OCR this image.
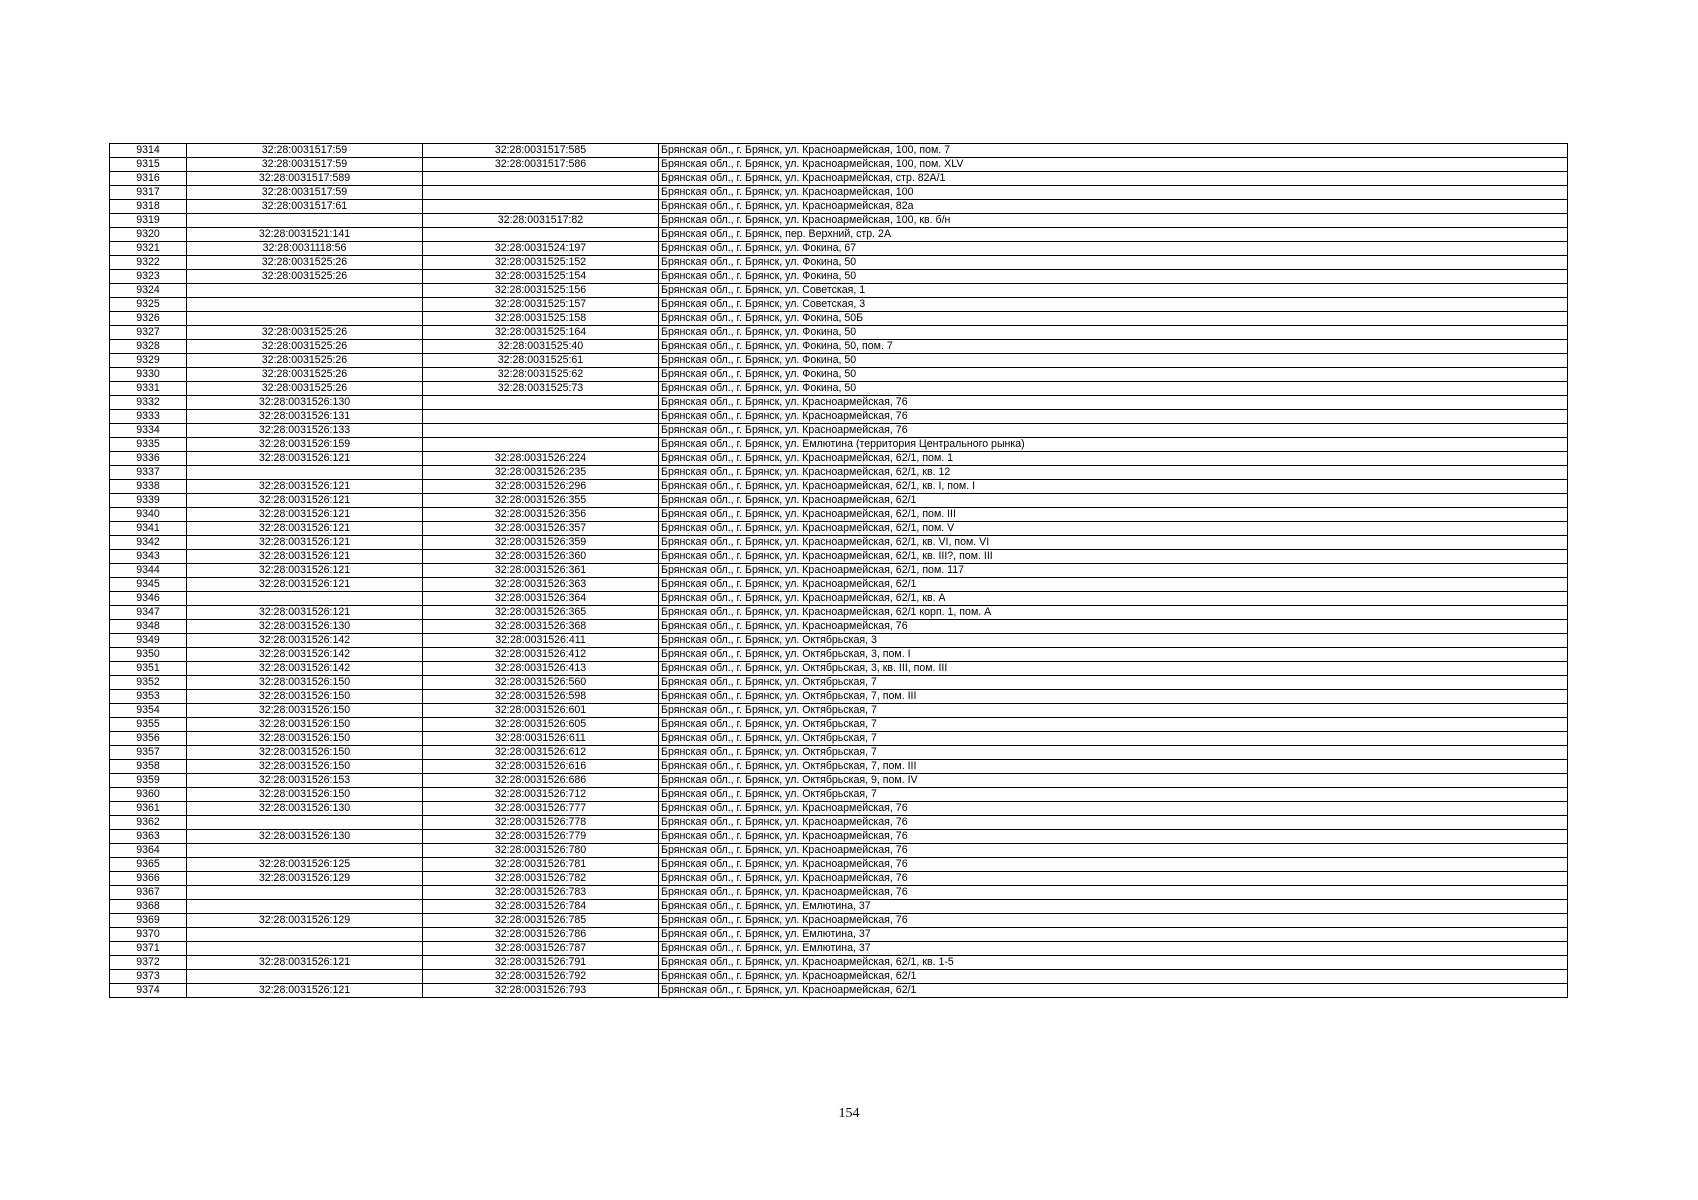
9314	32:28:0031517:59	32:28:0031517:585	Брянская обл., г. Брянск, ул. Красноармейская, 100, пом. 7
9315	32:28:0031517:59	32:28:0031517:586	Брянская обл., г. Брянск, ул. Красноармейская, 100, пом. XLV
9316	32:28:0031517:589		Брянская обл., г. Брянск, ул. Красноармейская, стр. 82А/1
9317	32:28:0031517:59		Брянская обл., г. Брянск, ул. Красноармейская, 100
9318	32:28:0031517:61		Брянская обл., г. Брянск, ул. Красноармейская, 82а
9319		32:28:0031517:82	Брянская обл., г. Брянск, ул. Красноармейская, 100, кв. б/н
9320	32:28:0031521:141		Брянская обл., г. Брянск, пер. Верхний, стр. 2А
9321	32:28:0031118:56	32:28:0031524:197	Брянская обл., г. Брянск, ул. Фокина, 67
9322	32:28:0031525:26	32:28:0031525:152	Брянская обл., г. Брянск, ул. Фокина, 50
9323	32:28:0031525:26	32:28:0031525:154	Брянская обл., г. Брянск, ул. Фокина, 50
9324		32:28:0031525:156	Брянская обл., г. Брянск, ул. Советская, 1
9325		32:28:0031525:157	Брянская обл., г. Брянск, ул. Советская, 3
9326		32:28:0031525:158	Брянская обл., г. Брянск, ул. Фокина, 50Б
9327	32:28:0031525:26	32:28:0031525:164	Брянская обл., г. Брянск, ул. Фокина, 50
9328	32:28:0031525:26	32:28:0031525:40	Брянская обл., г. Брянск, ул. Фокина, 50, пом. 7
9329	32:28:0031525:26	32:28:0031525:61	Брянская обл., г. Брянск, ул. Фокина, 50
9330	32:28:0031525:26	32:28:0031525:62	Брянская обл., г. Брянск, ул. Фокина, 50
9331	32:28:0031525:26	32:28:0031525:73	Брянская обл., г. Брянск, ул. Фокина, 50
9332	32:28:0031526:130		Брянская обл., г. Брянск, ул. Красноармейская, 76
9333	32:28:0031526:131		Брянская обл., г. Брянск, ул. Красноармейская, 76
9334	32:28:0031526:133		Брянская обл., г. Брянск, ул. Красноармейская, 76
9335	32:28:0031526:159		Брянская обл., г. Брянск, ул. Емлютина (территория Центрального рынка)
9336	32:28:0031526:121	32:28:0031526:224	Брянская обл., г. Брянск, ул. Красноармейская, 62/1, пом. 1
9337		32:28:0031526:235	Брянская обл., г. Брянск, ул. Красноармейская, 62/1, кв. 12
9338	32:28:0031526:121	32:28:0031526:296	Брянская обл., г. Брянск, ул. Красноармейская, 62/1, кв. I, пом. I
9339	32:28:0031526:121	32:28:0031526:355	Брянская обл., г. Брянск, ул. Красноармейская, 62/1
9340	32:28:0031526:121	32:28:0031526:356	Брянская обл., г. Брянск, ул. Красноармейская, 62/1, пом. III
9341	32:28:0031526:121	32:28:0031526:357	Брянская обл., г. Брянск, ул. Красноармейская, 62/1, пом. V
9342	32:28:0031526:121	32:28:0031526:359	Брянская обл., г. Брянск, ул. Красноармейская, 62/1, кв. VI, пом. VI
9343	32:28:0031526:121	32:28:0031526:360	Брянская обл., г. Брянск, ул. Красноармейская, 62/1, кв. III?, пом. III
9344	32:28:0031526:121	32:28:0031526:361	Брянская обл., г. Брянск, ул. Красноармейская, 62/1, пом. 117
9345	32:28:0031526:121	32:28:0031526:363	Брянская обл., г. Брянск, ул. Красноармейская, 62/1
9346		32:28:0031526:364	Брянская обл., г. Брянск, ул. Красноармейская, 62/1, кв. А
9347	32:28:0031526:121	32:28:0031526:365	Брянская обл., г. Брянск, ул. Красноармейская, 62/1 корп. 1, пом. А
9348	32:28:0031526:130	32:28:0031526:368	Брянская обл., г. Брянск, ул. Красноармейская, 76
9349	32:28:0031526:142	32:28:0031526:411	Брянская обл., г. Брянск, ул. Октябрьская, 3
9350	32:28:0031526:142	32:28:0031526:412	Брянская обл., г. Брянск, ул. Октябрьская, 3, пом. I
9351	32:28:0031526:142	32:28:0031526:413	Брянская обл., г. Брянск, ул. Октябрьская, 3, кв. III, пом. III
9352	32:28:0031526:150	32:28:0031526:560	Брянская обл., г. Брянск, ул. Октябрьская, 7
9353	32:28:0031526:150	32:28:0031526:598	Брянская обл., г. Брянск, ул. Октябрьская, 7, пом. III
9354	32:28:0031526:150	32:28:0031526:601	Брянская обл., г. Брянск, ул. Октябрьская, 7
9355	32:28:0031526:150	32:28:0031526:605	Брянская обл., г. Брянск, ул. Октябрьская, 7
9356	32:28:0031526:150	32:28:0031526:611	Брянская обл., г. Брянск, ул. Октябрьская, 7
9357	32:28:0031526:150	32:28:0031526:612	Брянская обл., г. Брянск, ул. Октябрьская, 7
9358	32:28:0031526:150	32:28:0031526:616	Брянская обл., г. Брянск, ул. Октябрьская, 7, пом. III
9359	32:28:0031526:153	32:28:0031526:686	Брянская обл., г. Брянск, ул. Октябрьская, 9, пом. IV
9360	32:28:0031526:150	32:28:0031526:712	Брянская обл., г. Брянск, ул. Октябрьская, 7
9361	32:28:0031526:130	32:28:0031526:777	Брянская обл., г. Брянск, ул. Красноармейская, 76
9362		32:28:0031526:778	Брянская обл., г. Брянск, ул. Красноармейская, 76
9363	32:28:0031526:130	32:28:0031526:779	Брянская обл., г. Брянск, ул. Красноармейская, 76
9364		32:28:0031526:780	Брянская обл., г. Брянск, ул. Красноармейская, 76
9365	32:28:0031526:125	32:28:0031526:781	Брянская обл., г. Брянск, ул. Красноармейская, 76
9366	32:28:0031526:129	32:28:0031526:782	Брянская обл., г. Брянск, ул. Красноармейская, 76
9367		32:28:0031526:783	Брянская обл., г. Брянск, ул. Красноармейская, 76
9368		32:28:0031526:784	Брянская обл., г. Брянск, ул. Емлютина, 37
9369	32:28:0031526:129	32:28:0031526:785	Брянская обл., г. Брянск, ул. Красноармейская, 76
9370		32:28:0031526:786	Брянская обл., г. Брянск, ул. Емлютина, 37
9371		32:28:0031526:787	Брянская обл., г. Брянск, ул. Емлютина, 37
9372	32:28:0031526:121	32:28:0031526:791	Брянская обл., г. Брянск, ул. Красноармейская, 62/1, кв. 1-5
9373		32:28:0031526:792	Брянская обл., г. Брянск, ул. Красноармейская, 62/1
9374	32:28:0031526:121	32:28:0031526:793	Брянская обл., г. Брянск, ул. Красноармейская, 62/1
154
